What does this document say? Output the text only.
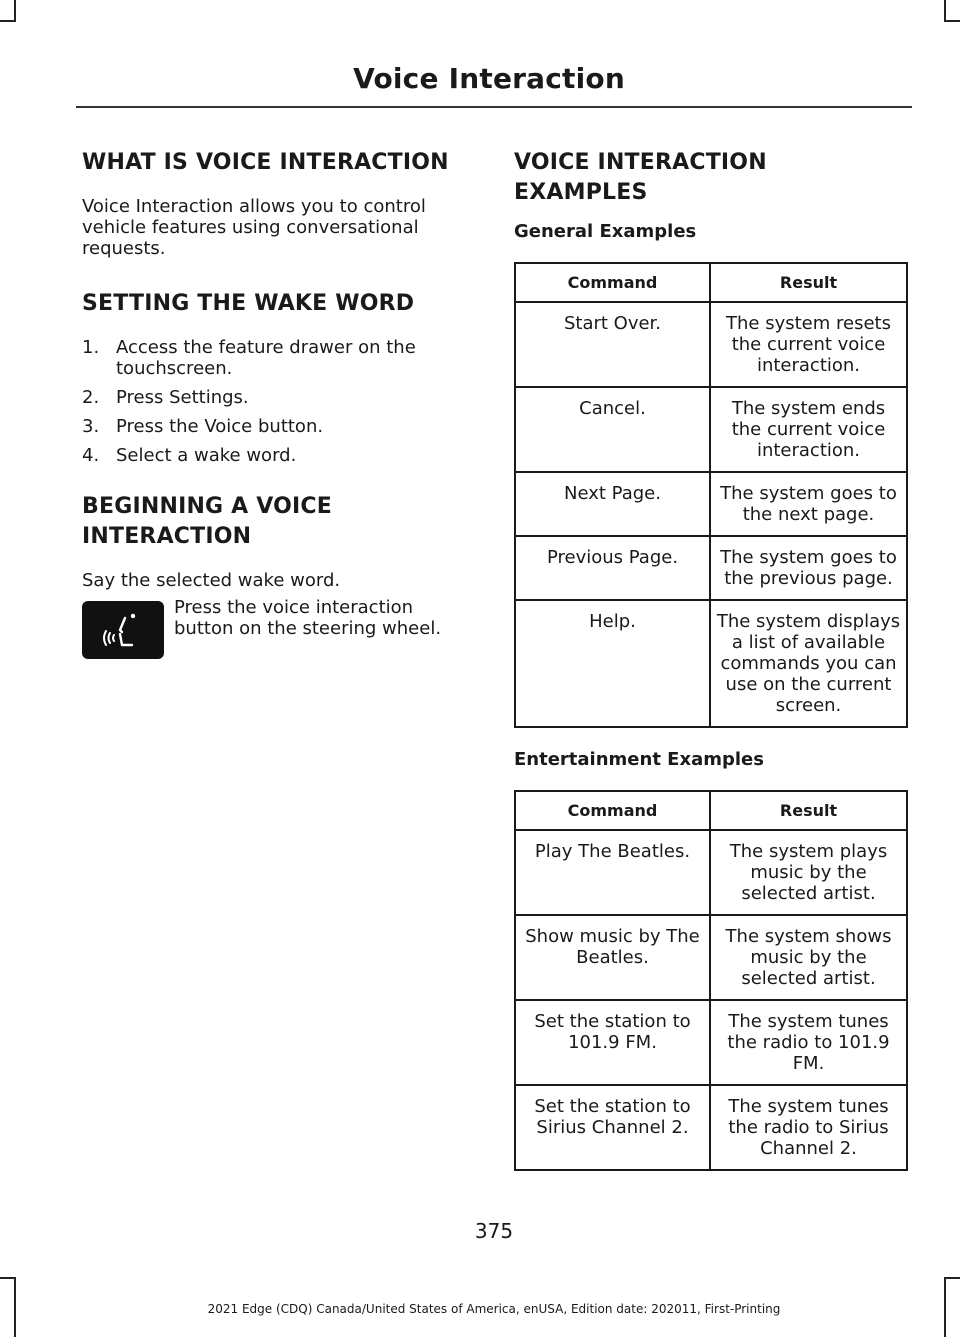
Voice Interaction
WHAT IS VOICE INTERACTION

Voice Interaction allows you to control vehicle features using conversational requests.

SETTING THE WAKE WORD
1. Access the feature drawer on the touchscreen.
2. Press Settings.
3. Press the Voice button.
4. Select a wake word.
BEGINNING A VOICE
INTERACTION

Say the selected wake word.

Press the voice interaction button on the steering wheel.

VOICE INTERACTION
EXAMPLES
General Examples
Command	Result
Start Over.	The system resets the current voice interaction.
Cancel.	The system ends the current voice interaction.
Next Page.	The system goes to the next page.
Previous Page.	The system goes to the previous page.
Help.	The system displays a list of available commands you can use on the current screen.
Entertainment Examples
Command	Result
Play The Beatles.	The system plays music by the selected artist.
Show music by The Beatles.	The system shows music by the selected artist.
Set the station to 101.9 FM.	The system tunes the radio to 101.9 FM.
Set the station to Sirius Channel 2.	The system tunes the radio to Sirius Channel 2.
375
2021 Edge (CDQ) Canada/United States of America, enUSA, Edition date: 202011, First-Printing
